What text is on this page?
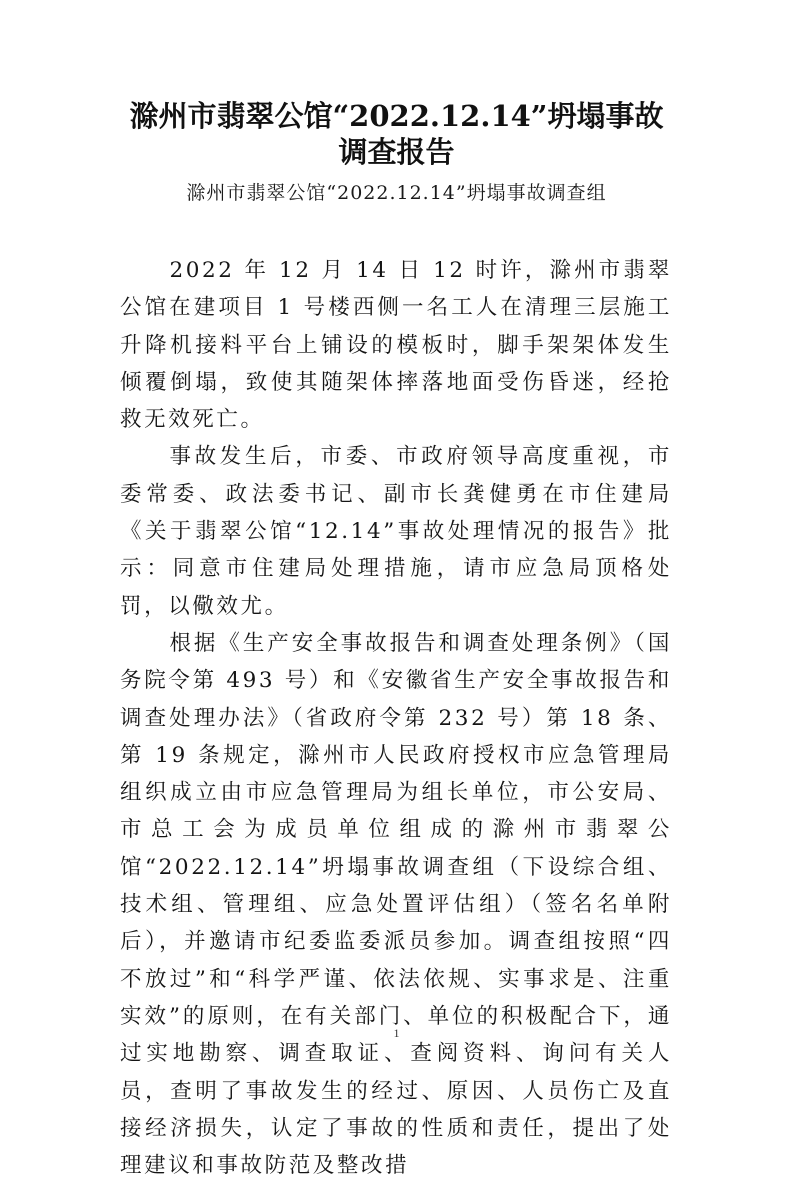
滁州市翡翠公馆“2022.12.14”坍塌事故
调查报告
滁州市翡翠公馆“2022.12.14”坍塌事故调查组

2022 年 12 月 14 日 12 时许，滁州市翡翠公馆在建项目 1 号楼西侧一名工人在清理三层施工升降机接料平台上铺设的模板时，脚手架架体发生倾覆倒塌，致使其随架体摔落地面受伤昏迷，经抢救无效死亡。

事故发生后，市委、市政府领导高度重视，市委常委、政法委书记、副市长龚健勇在市住建局《关于翡翠公馆“12.14”事故处理情况的报告》批示：同意市住建局处理措施，请市应急局顶格处罚，以儆效尤。

根据《生产安全事故报告和调查处理条例》（国务院令第 493 号）和《安徽省生产安全事故报告和调查处理办法》（省政府令第 232 号）第 18 条、第 19 条规定，滁州市人民政府授权市应急管理局组织成立由市应急管理局为组长单位，市公安局、市总工会为成员单位组成的滁州市翡翠公馆“2022.12.14”坍塌事故调查组（下设综合组、技术组、管理组、应急处置评估组）（签名名单附后），并邀请市纪委监委派员参加。调查组按照“四不放过”和“科学严谨、依法依规、实事求是、注重实效”的原则，在有关部门、单位的积极配合下，通过实地勘察、调查取证、查阅资料、询问有关人员，查明了事故发生的经过、原因、人员伤亡及直接经济损失，认定了事故的性质和责任，提出了处理建议和事故防范及整改措

1
